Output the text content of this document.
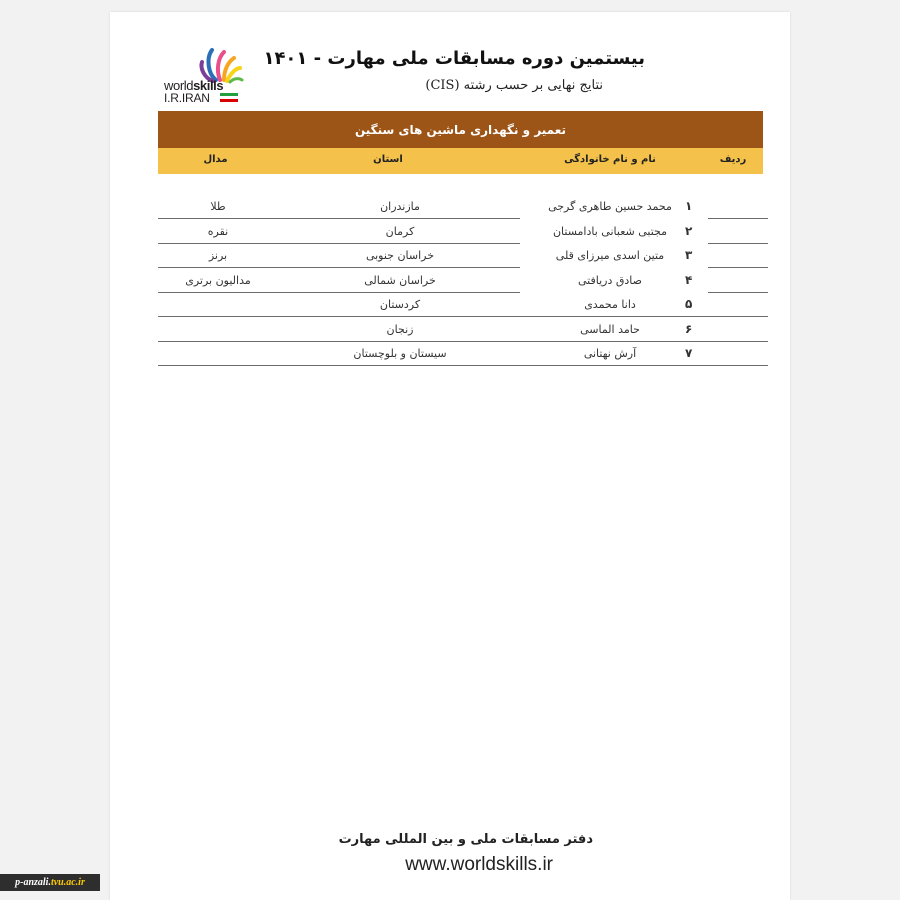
worldskills
I.R.IRAN
بیستمین دوره مسابقات ملی مهارت - ۱۴۰۱
نتایج نهایی بر حسب رشته (CIS)
تعمیر و نگهداری ماشین های سنگین
ردیف
نام و نام خانوادگی
استان
مدال
۱
محمد حسین طاهری گرجی
مازندران
طلا
۲
مجتبی شعبانی بادامستان
کرمان
نقره
۳
متین اسدی میرزای قلی
خراسان جنوبی
برنز
۴
صادق دریافتی
خراسان شمالی
مدالیون برتری
۵
دانا محمدی
کردستان
۶
حامد الماسی
زنجان
۷
آرش نهتانی
سیستان و بلوچستان
دفتر مسابقات ملی و بین المللی مهارت
www.worldskills.ir
p-anzali. tvu.ac.ir
